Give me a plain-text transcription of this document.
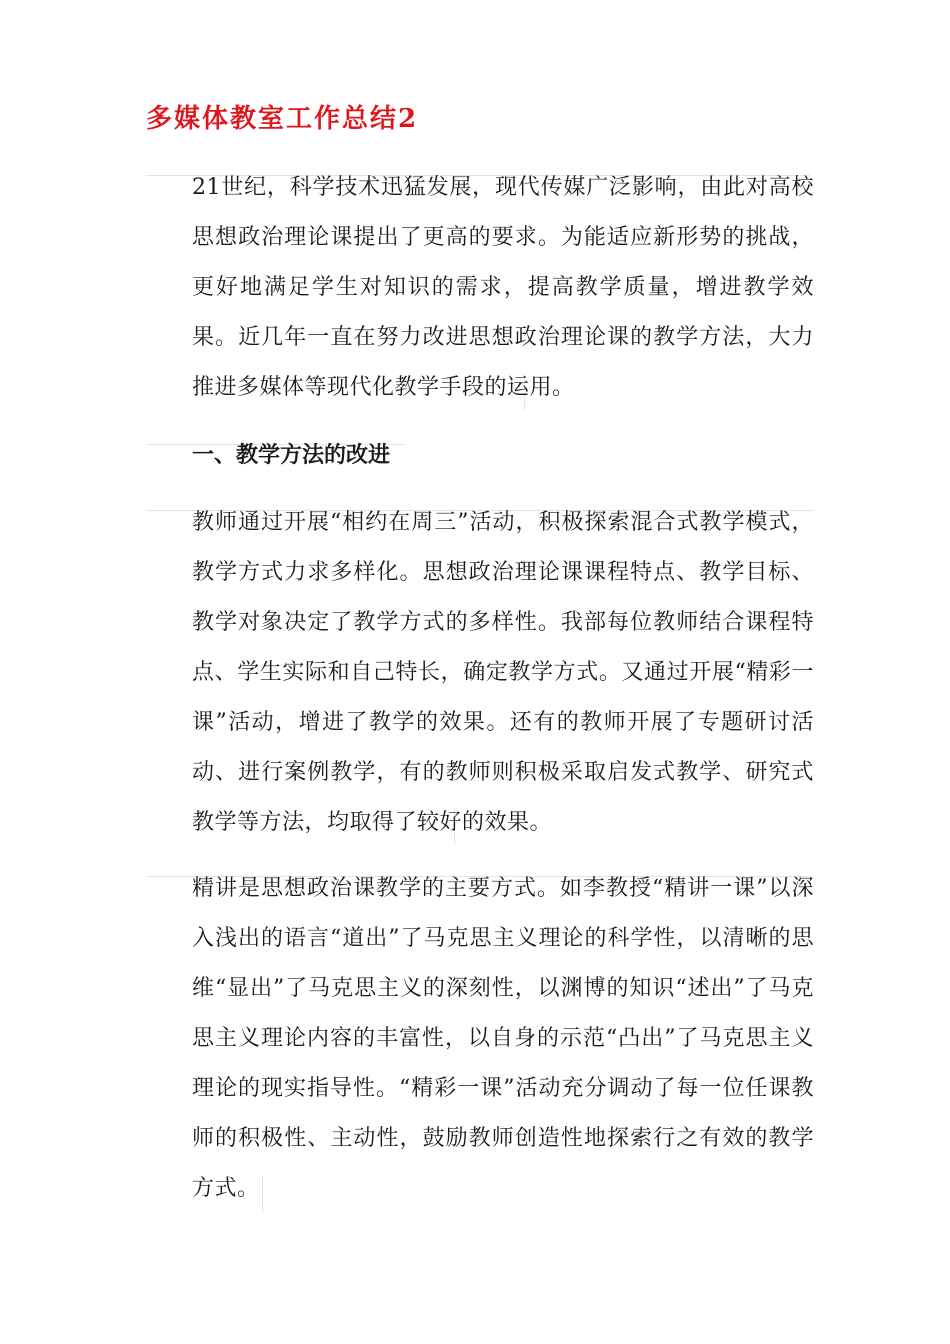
多媒体教室工作总结2
21世纪，科学技术迅猛发展，现代传媒广泛影响，由此对高校思想政治理论课提出了更高的要求。为能适应新形势的挑战，更好地满足学生对知识的需求，提高教学质量，增进教学效果。近几年一直在努力改进思想政治理论课的教学方法，大力推进多媒体等现代化教学手段的运用。
一、教学方法的改进
教师通过开展“相约在周三”活动，积极探索混合式教学模式，教学方式力求多样化。思想政治理论课课程特点、教学目标、教学对象决定了教学方式的多样性。我部每位教师结合课程特点、学生实际和自己特长，确定教学方式。又通过开展“精彩一课”活动，增进了教学的效果。还有的教师开展了专题研讨活动、进行案例教学，有的教师则积极采取启发式教学、研究式教学等方法，均取得了较好的效果。
精讲是思想政治课教学的主要方式。如李教授“精讲一课”以深入浅出的语言“道出”了马克思主义理论的科学性，以清晰的思维“显出”了马克思主义的深刻性，以渊博的知识“述出”了马克思主义理论内容的丰富性，以自身的示范“凸出”了马克思主义理论的现实指导性。“精彩一课”活动充分调动了每一位任课教师的积极性、主动性，鼓励教师创造性地探索行之有效的教学方式。
